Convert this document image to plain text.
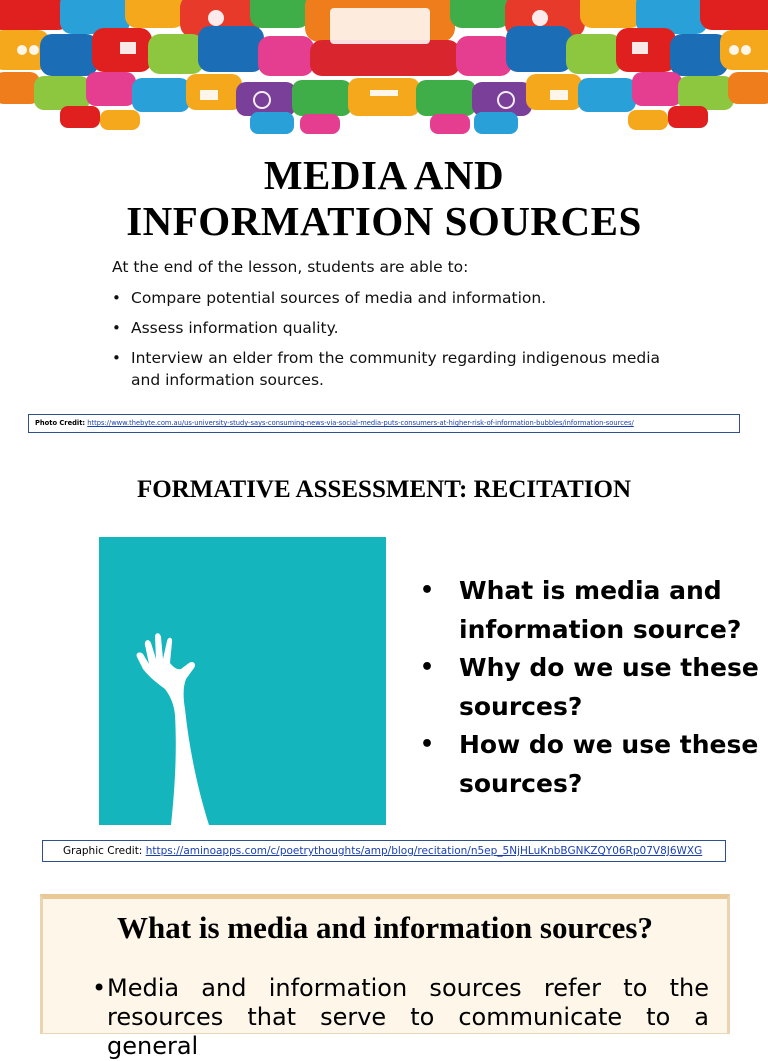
MEDIA AND
INFORMATION SOURCES
At the end of the lesson, students are able to:
• Compare potential sources of media and information.
• Assess information quality.
• Interview an elder from the community regarding indigenous media and information sources.
Photo Credit: https://www.thebyte.com.au/us-university-study-says-consuming-news-via-social-media-puts-consumers-at-higher-risk-of-information-bubbles/information-sources/
FORMATIVE ASSESSMENT: RECITATION
• What is media and information source?
• Why do we use these sources?
• How do we use these sources?
Graphic Credit: https://aminoapps.com/c/poetrythoughts/amp/blog/recitation/n5ep_5NjHLuKnbBGNKZQY06Rp07V8J6WXG
What is media and information sources?
• Media and information sources refer to the resources that serve to communicate to a general
